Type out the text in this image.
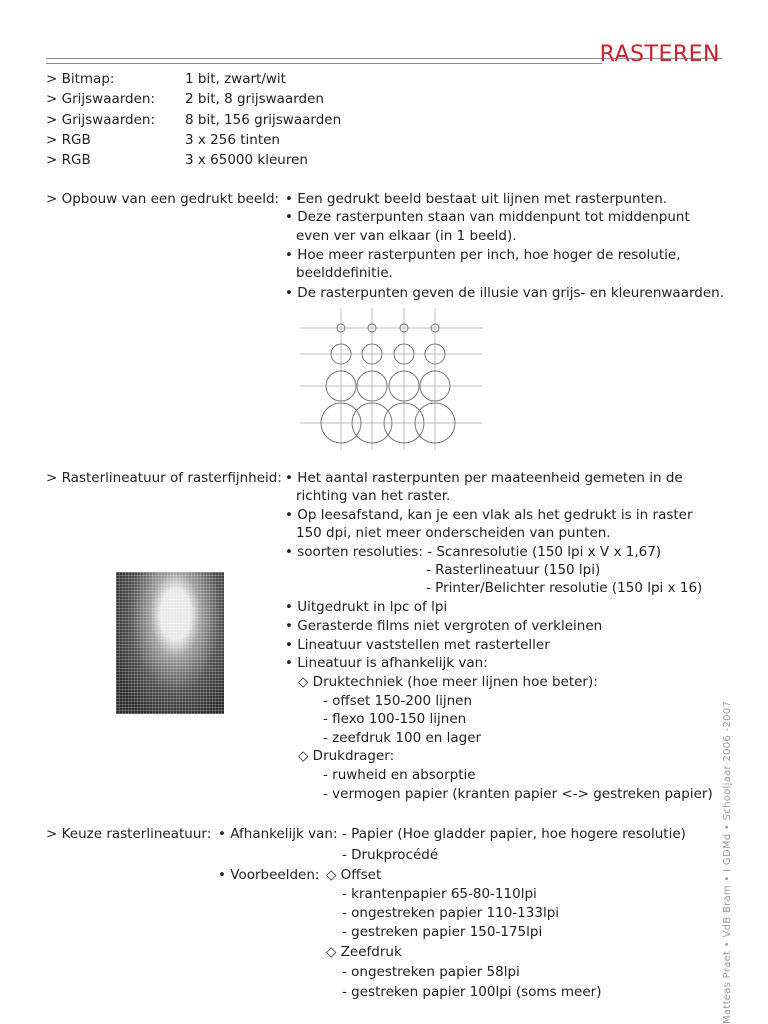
RASTEREN
> Bitmap:	1 bit, zwart/wit
> Grijswaarden: 2 bit, 8 grijswaarden
> Grijswaarden: 8 bit, 156 grijswaarden
> RGB	3 x 256 tinten
> RGB	3 x 65000 kleuren
> Opbouw van een gedrukt beeld: • Een gedrukt beeld bestaat uit lijnen met rasterpunten.
• Deze rasterpunten staan van middenpunt tot middenpunt
even ver van elkaar (in 1 beeld).
• Hoe meer rasterpunten per inch, hoe hoger de resolutie,
beelddefinitie.
• De rasterpunten geven de illusie van grijs- en kleurenwaarden.
> Rasterlineatuur of rasterfijnheid: • Het aantal rasterpunten per maateenheid gemeten in de
richting van het raster.
• Op leesafstand, kan je een vlak als het gedrukt is in raster
150 dpi, niet meer onderscheiden van punten.
• soorten resoluties: - Scanresolutie (150 lpi x V x 1,67)
- Rasterlineatuur (150 lpi)
- Printer/Belichter resolutie (150 lpi x 16)
• Uitgedrukt in lpc of lpi
• Gerasterde films niet vergroten of verkleinen
• Lineatuur vaststellen met rasterteller
• Lineatuur is afhankelijk van:
◇ Druktechniek (hoe meer lijnen hoe beter):
- offset 150-200 lijnen
- flexo 100-150 lijnen
- zeefdruk 100 en lager
◇ Drukdrager:
- ruwheid en absorptie
- vermogen papier (kranten papier <-> gestreken papier)
> Keuze rasterlineatuur: • Afhankelijk van: - Papier (Hoe gladder papier, hoe hogere resolutie)
- Drukprocédé
• Voorbeelden: ◇ Offset
- krantenpapier 65-80-110lpi
- ongestreken papier 110-133lpi
- gestreken papier 150-175lpi
◇ Zeefdruk
- ongestreken papier 58lpi
- gestreken papier 100lpi (soms meer)	Matteas Praet • VdB Bram • I GDMd • Schooljaar 2006 -2007
